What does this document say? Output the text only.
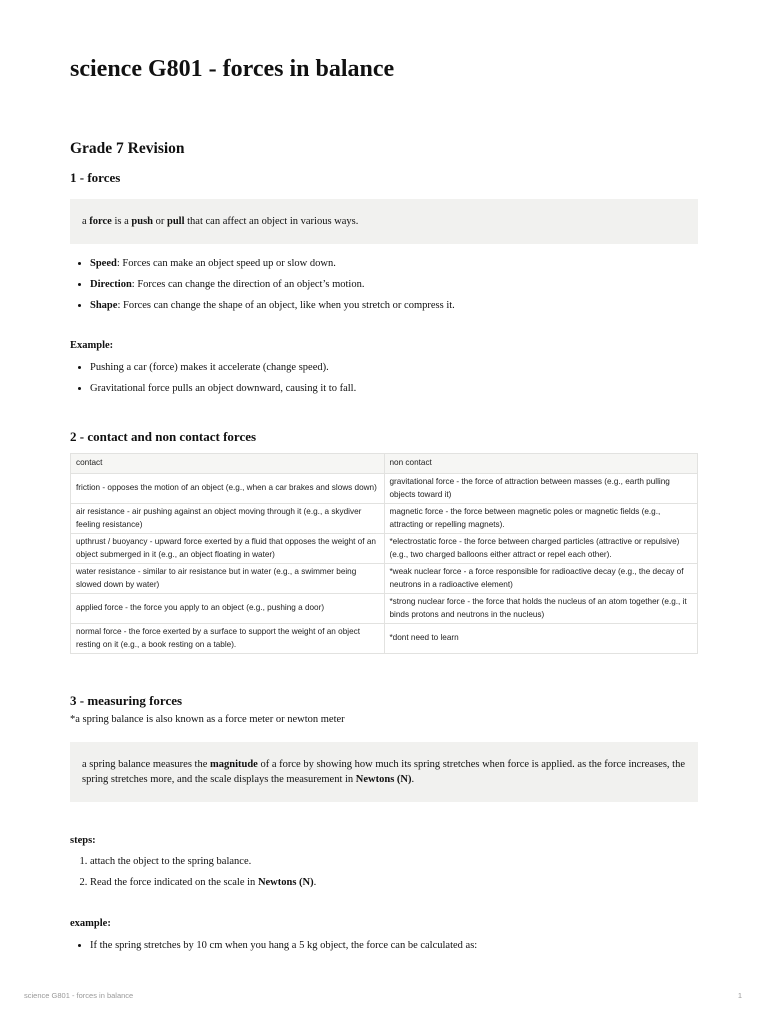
science G801 - forces in balance
Grade 7 Revision
1 - forces
a force is a push or pull that can affect an object in various ways.
• Speed: Forces can make an object speed up or slow down.
• Direction: Forces can change the direction of an object’s motion.
• Shape: Forces can change the shape of an object, like when you stretch or compress it.
Example:
• Pushing a car (force) makes it accelerate (change speed).
• Gravitational force pulls an object downward, causing it to fall.
2 - contact and non contact forces
contact	non contact
friction - opposes the motion of an object (e.g., when a car brakes and slows down)	gravitational force - the force of attraction between masses (e.g., earth pulling objects toward it)
air resistance - air pushing against an object moving through it (e.g., a skydiver feeling resistance)	magnetic force - the force between magnetic poles or magnetic fields (e.g., attracting or repelling magnets).
upthrust / buoyancy - upward force exerted by a fluid that opposes the weight of an object submerged in it (e.g., an object floating in water)	*electrostatic force - the force between charged particles (attractive or repulsive) (e.g., two charged balloons either attract or repel each other).
water resistance - similar to air resistance but in water (e.g., a swimmer being slowed down by water)	*weak nuclear force - a force responsible for radioactive decay (e.g., the decay of neutrons in a radioactive element)
applied force - the force you apply to an object (e.g., pushing a door)	*strong nuclear force - the force that holds the nucleus of an atom together (e.g., it binds protons and neutrons in the nucleus)
normal force - the force exerted by a surface to support the weight of an object resting on it (e.g., a book resting on a table).	*dont need to learn
3 - measuring forces
*a spring balance is also known as a force meter or newton meter
a spring balance measures the magnitude of a force by showing how much its spring stretches when force is applied. as the force increases, the spring stretches more, and the scale displays the measurement in Newtons (N).
steps:
1. attach the object to the spring balance.
2. Read the force indicated on the scale in Newtons (N).
example:
• If the spring stretches by 10 cm when you hang a 5 kg object, the force can be calculated as:
science G801 - forces in balance	1
